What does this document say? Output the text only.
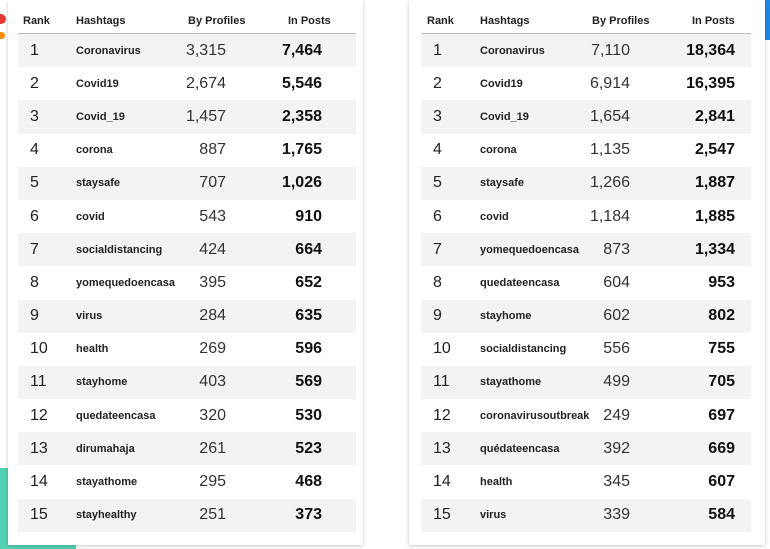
Rank Hashtags	By Profiles	In Posts
1	Coronavirus	3,315	7,464
2	Covid19	2,674	5,546
3	Covid_19	1,457	2,358
4	corona	887	1,765
5	staysafe	707	1,026
6	covid	543	910
7	socialdistancing	424	664
8	yomequedoencasa	395	652
9	virus	284	635
10	health	269	596
11	stayhome	403	569
12	quedateencasa	320	530
13	dirumahaja	261	523
14	stayathome	295	468
15	stayhealthy	251	373
Rank Hashtags	By Profiles	In Posts
1	Coronavirus	7,110	18,364
2	Covid19	6,914	16,395
3	Covid_19	1,654	2,841
4	corona	1,135	2,547
5	staysafe	1,266	1,887
6	covid	1,184	1,885
7	yomequedoencasa	873	1,334
8	quedateencasa	604	953
9	stayhome	602	802
10	socialdistancing	556	755
11	stayathome	499	705
12	coronavirusoutbreak 249	697
13	quédateencasa	392	669
14	health	345	607
15	virus	339	584
